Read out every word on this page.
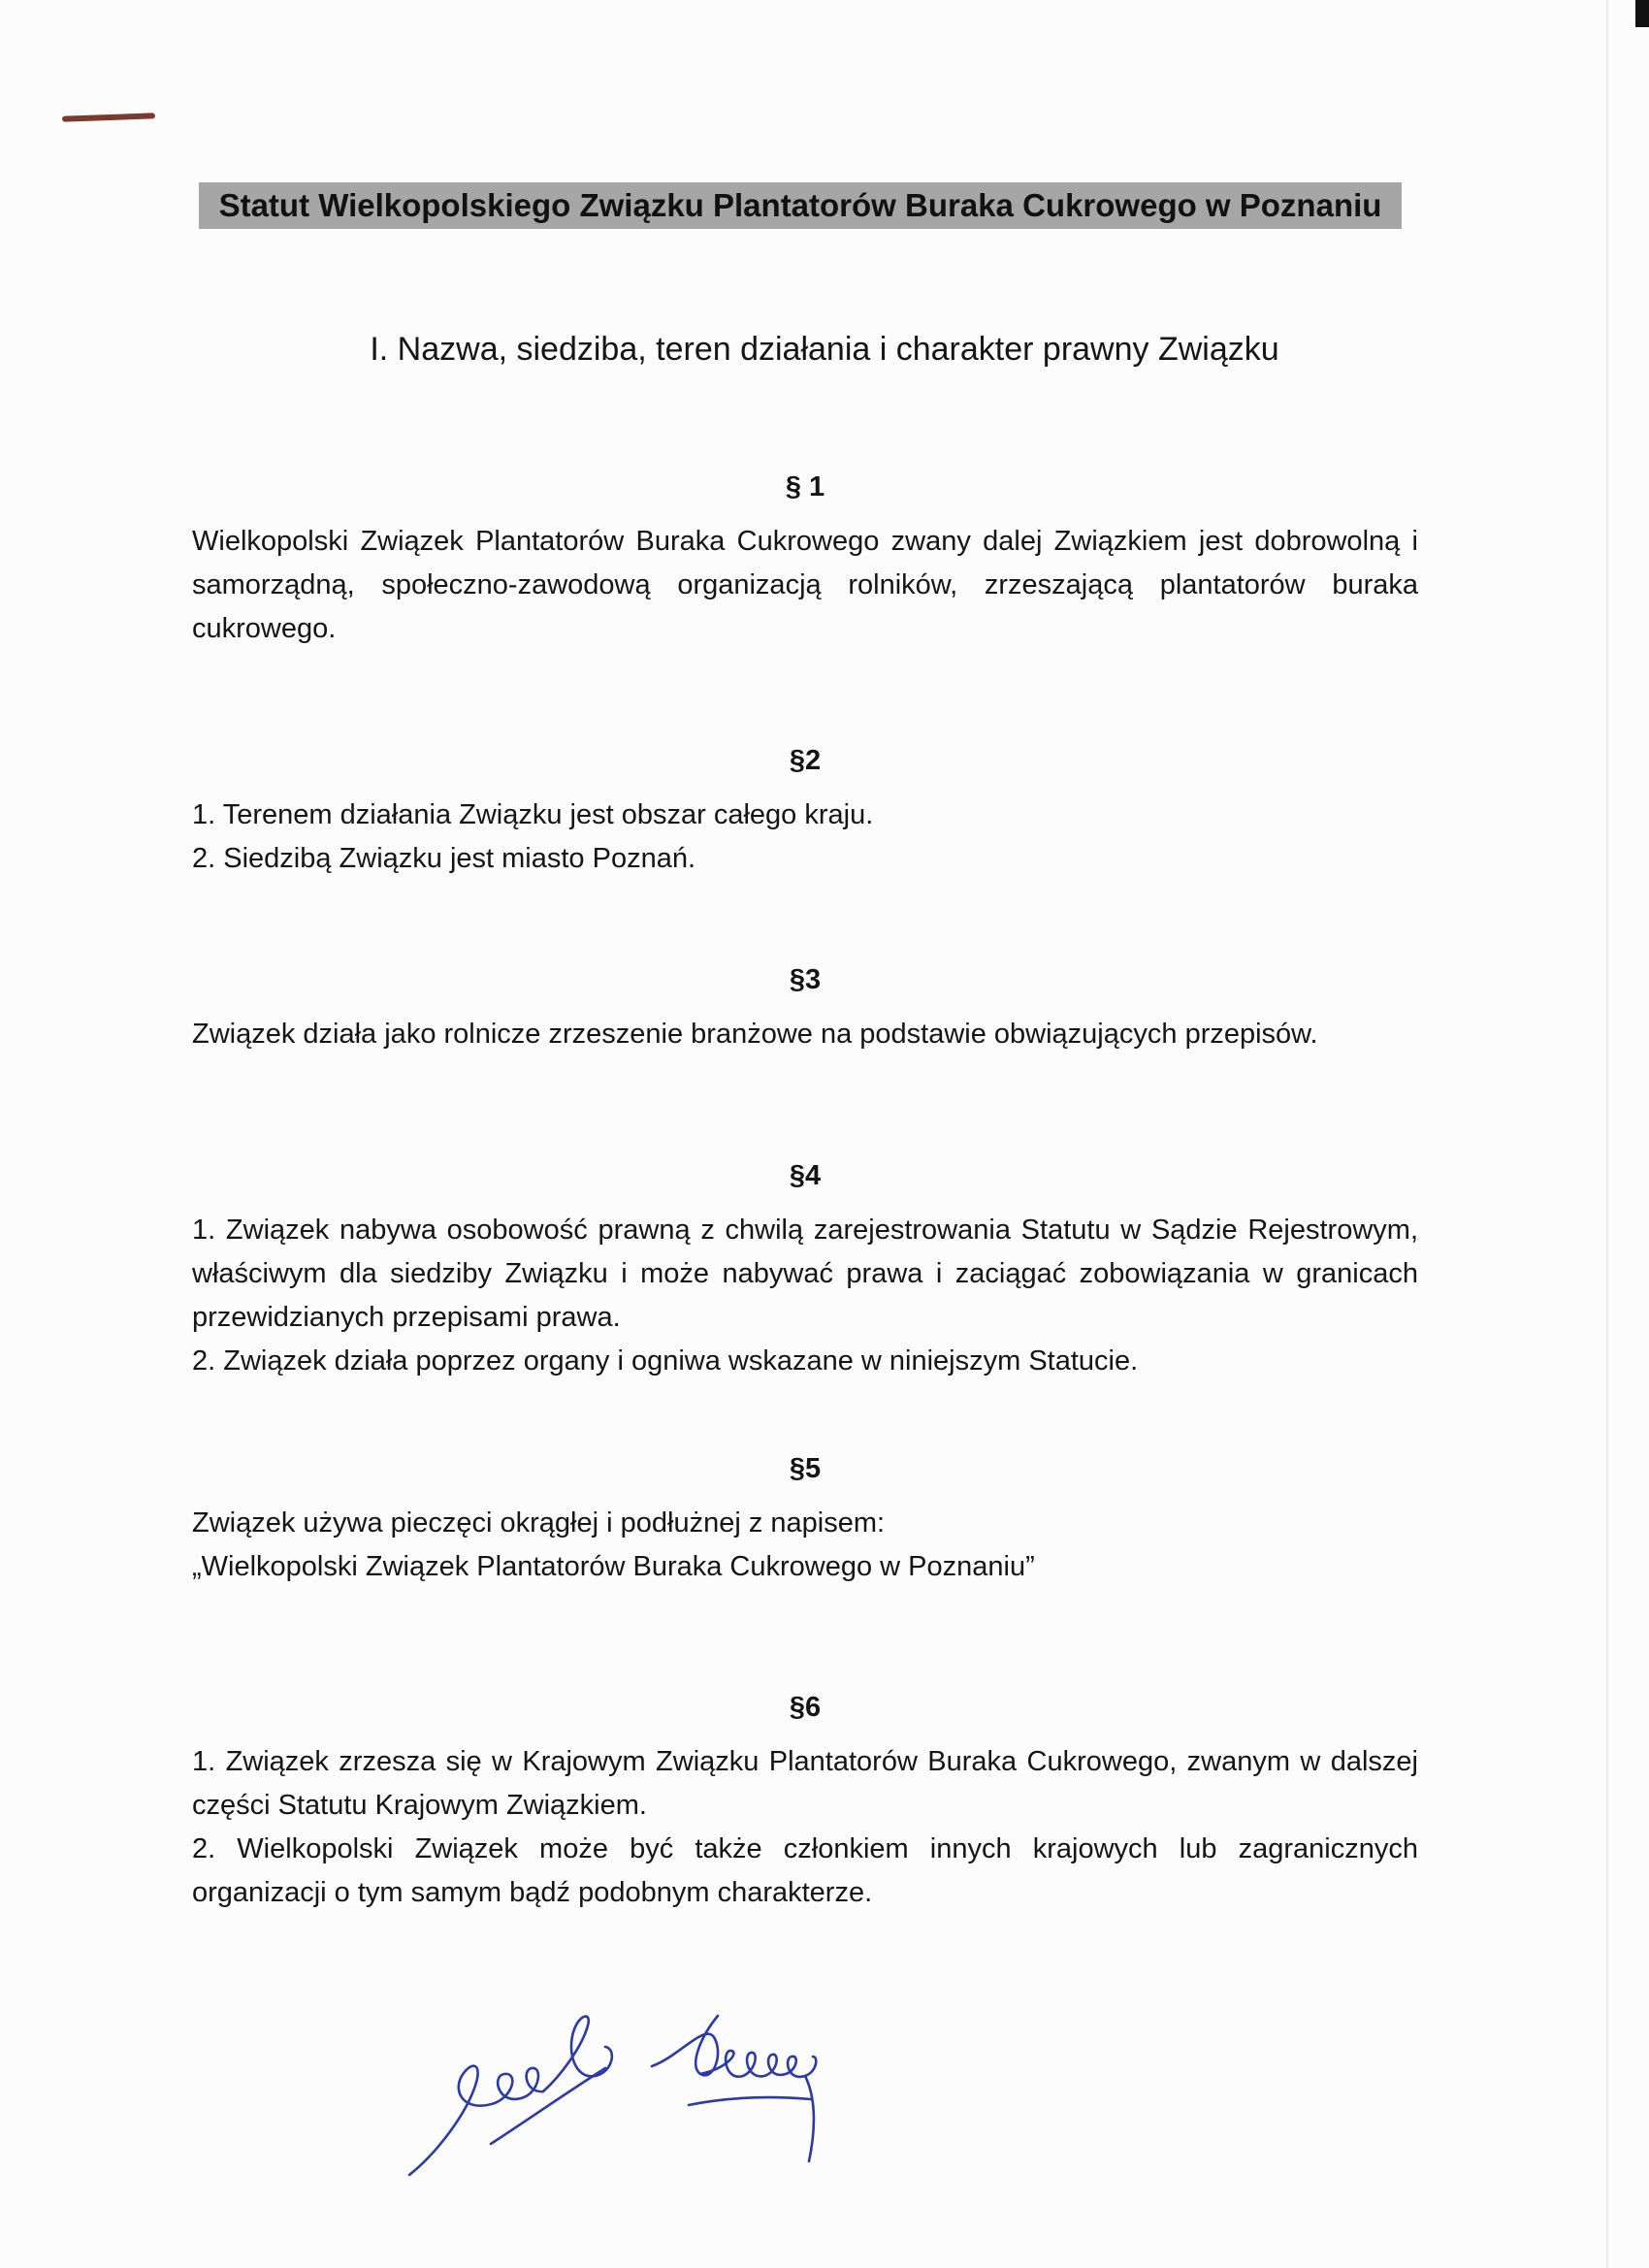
Statut Wielkopolskiego Związku Plantatorów Buraka Cukrowego w Poznaniu
I. Nazwa, siedziba, teren działania i charakter prawny Związku
§ 1

Wielkopolski Związek Plantatorów Buraka Cukrowego zwany dalej Związkiem jest dobrowolną i samorządną, społeczno-zawodową organizacją rolników, zrzeszającą plantatorów buraka cukrowego.

§2

1. Terenem działania Związku jest obszar całego kraju.

2. Siedzibą Związku jest miasto Poznań.

§3

Związek działa jako rolnicze zrzeszenie branżowe na podstawie obwiązujących przepisów.

§4

1. Związek nabywa osobowość prawną z chwilą zarejestrowania Statutu w Sądzie Rejestrowym, właściwym dla siedziby Związku i może nabywać prawa i zaciągać zobowiązania w granicach przewidzianych przepisami prawa.

2. Związek działa poprzez organy i ogniwa wskazane w niniejszym Statucie.

§5

Związek używa pieczęci okrągłej i podłużnej z napisem:

„Wielkopolski Związek Plantatorów Buraka Cukrowego w Poznaniu”

§6

1. Związek zrzesza się w Krajowym Związku Plantatorów Buraka Cukrowego, zwanym w dalszej części Statutu Krajowym Związkiem.

2. Wielkopolski Związek może być także członkiem innych krajowych lub zagranicznych organizacji o tym samym bądź podobnym charakterze.
